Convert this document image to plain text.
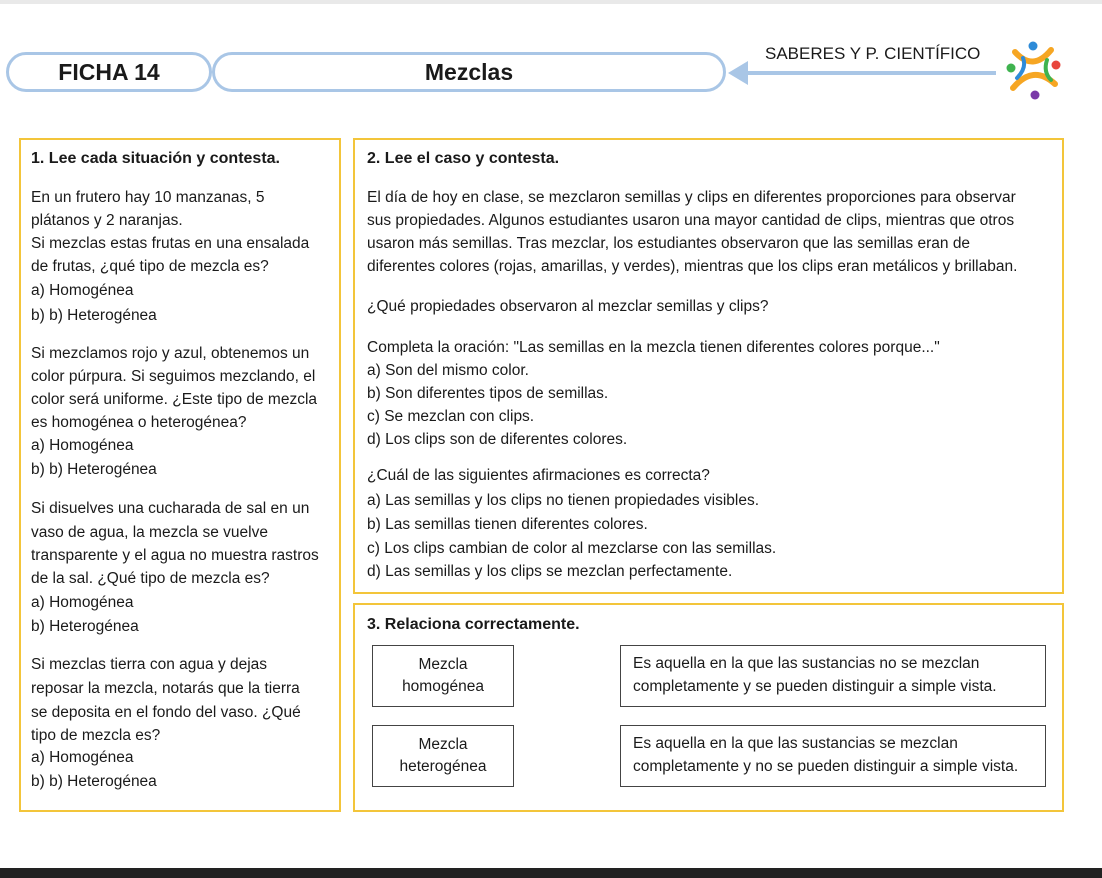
FICHA 14	Mezclas
SABERES Y P. CIENTÍFICO
1. Lee cada situación y contesta.
En un frutero hay 10 manzanas, 5
plátanos y 2 naranjas.
Si mezclas estas frutas en una ensalada
de frutas, ¿qué tipo de mezcla es?
a) Homogénea
b) b) Heterogénea
Si mezclamos rojo y azul, obtenemos un
color púrpura. Si seguimos mezclando, el
color será uniforme. ¿Este tipo de mezcla
es homogénea o heterogénea?
a) Homogénea
b) b) Heterogénea
Si disuelves una cucharada de sal en un
vaso de agua, la mezcla se vuelve
transparente y el agua no muestra rastros
de la sal. ¿Qué tipo de mezcla es?
a) Homogénea
b) Heterogénea
Si mezclas tierra con agua y dejas
reposar la mezcla, notarás que la tierra
se deposita en el fondo del vaso. ¿Qué
tipo de mezcla es?
a) Homogénea
b) b) Heterogénea
2. Lee el caso y contesta.
El día de hoy en clase, se mezclaron semillas y clips en diferentes proporciones para observar
sus propiedades. Algunos estudiantes usaron una mayor cantidad de clips, mientras que otros
usaron más semillas. Tras mezclar, los estudiantes observaron que las semillas eran de
diferentes colores (rojas, amarillas, y verdes), mientras que los clips eran metálicos y brillaban.
¿Qué propiedades observaron al mezclar semillas y clips?
Completa la oración: "Las semillas en la mezcla tienen diferentes colores porque..."
a) Son del mismo color.
b) Son diferentes tipos de semillas.
c) Se mezclan con clips.
d) Los clips son de diferentes colores.
¿Cuál de las siguientes afirmaciones es correcta?
a) Las semillas y los clips no tienen propiedades visibles.
b) Las semillas tienen diferentes colores.
c) Los clips cambian de color al mezclarse con las semillas.
d) Las semillas y los clips se mezclan perfectamente.
3. Relaciona correctamente.
Mezcla
homogénea
Es aquella en la que las sustancias no se mezclan
completamente y se pueden distinguir a simple vista.
Mezcla
heterogénea
Es aquella en la que las sustancias se mezclan
completamente y no se pueden distinguir a simple vista.
